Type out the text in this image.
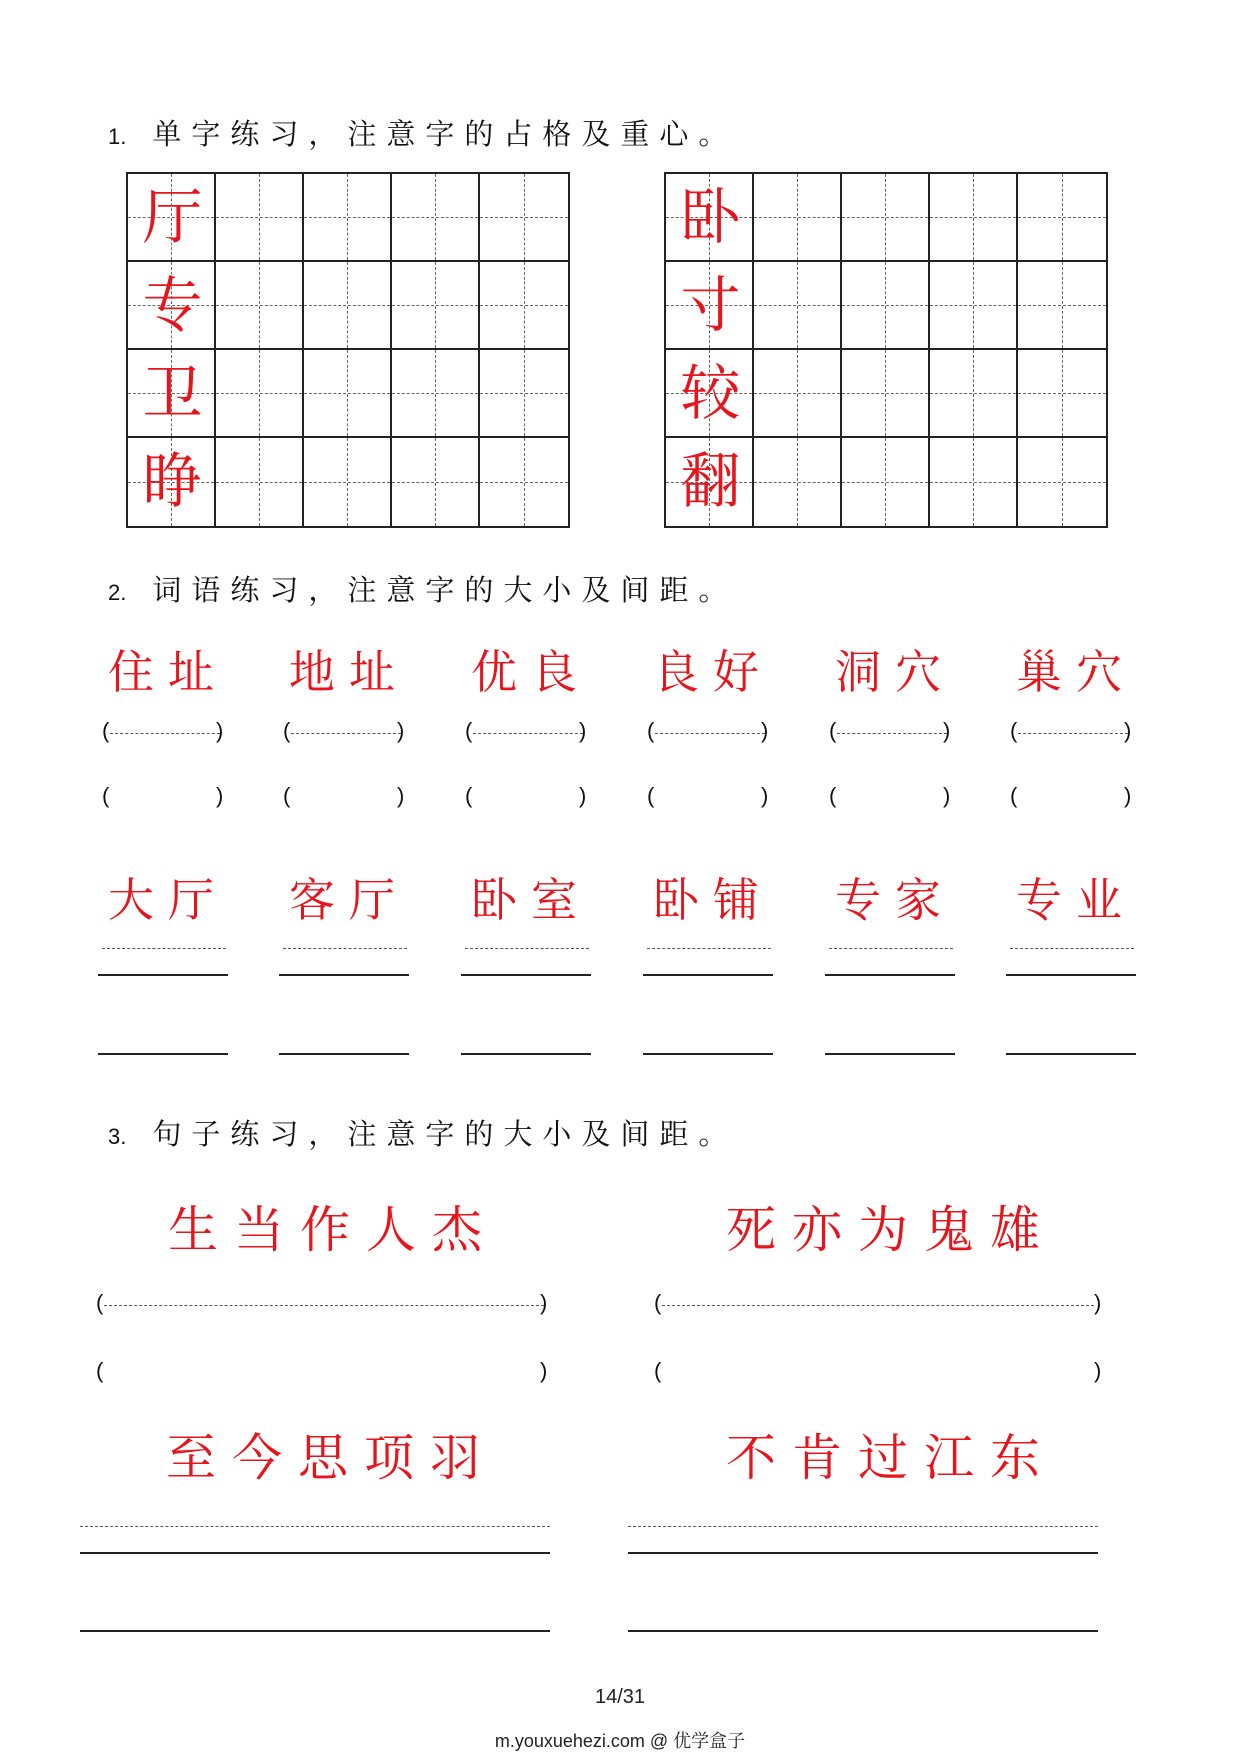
1. 单字练习，注意字的占格及重心。
厅
专
卫
睁
卧
寸
较
翻
2. 词语练习，注意字的大小及间距。
住址
(	)
(	)
地址
(	)
(	)
优良
(	)
(	)
良好
(	)
(	)
洞穴
(	)
(	)
巢穴
(	)
(	)
大厅 客厅 卧室 卧铺 专家 专业
3. 句子练习，注意字的大小及间距。
生当作人杰	死亦为鬼雄
(	)
(	)
(	)
(	)
至今思项羽	不肯过江东
14/31
m.youxuehezi.com @ 优学盒子
